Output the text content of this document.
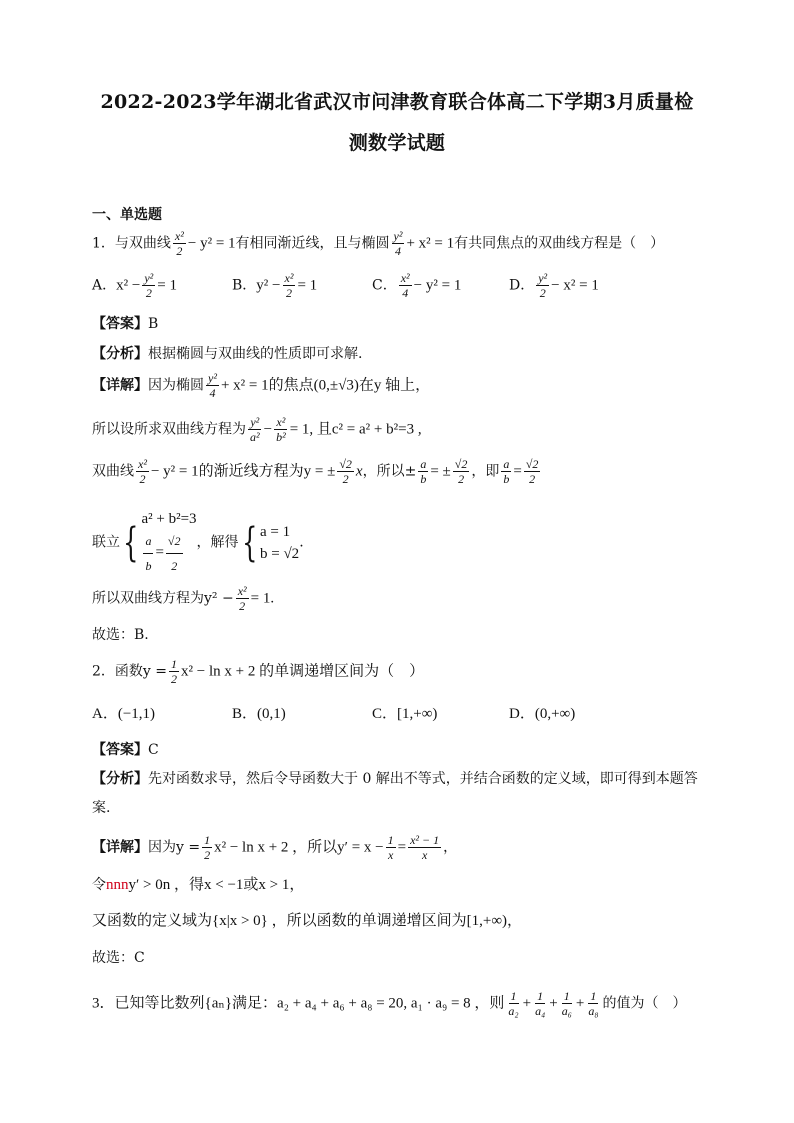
2022-2023学年湖北省武汉市问津教育联合体高二下学期3月质量检
测数学试题
一、单选题
1．与双曲线 $\frac{\text{x²}}{2} - y^2 = 1$有相同渐近线，且与椭圆 $\frac{\text{y²}}{4} + x^2 = 1$有共同焦点的双曲线方程是（　）
A．$x^2 - \frac{\text{y²}}{2} = 1$	B．$y^2 - \frac{\text{x²}}{2} = 1$	C． $\frac{\text{x²}}{4} - y^2 = 1$	D． $\frac{\text{y²}}{2} - x^2 = 1$
【答案】B
【分析】根据椭圆与双曲线的性质即可求解.
【详解】因为椭圆 $\frac{\text{y²}}{4} + x^2 = 1$的焦点(0,±√3)在y 轴上，
所以设所求双曲线方程为 $\frac{\text{y²}}{\text{a²}} - \frac{\text{x²}}{\text{b²}} = 1$, 且c² = a² + b²=3 ,
双曲线 $\frac{\text{x²}}{2} - y^2 = 1$的渐近线方程为y = ± $\frac{√2}{2}$ x，所以± $\frac{a}{b}$ = ± $\frac{√2}{2}$ ，即 $\frac{a}{b} = \frac{√2}{2}$
联立{
a² + b²=3
$\frac{a}{b} = \frac{√2}{2}$ ，解得{ a = 1
b = √2
.
所以双曲线方程为$y^2 - \frac{\text{x²}}{2} = 1$.
故选：B.
2．函数$y = \frac{1}{2} x^2 - \ln x + 2$ 的单调递增区间为（　）
A．(−1,1)	B．(0,1)	C．[1,+∞)	D．(0,+∞)
【答案】C
【分析】先对函数求导，然后令导函数大于 0 解出不等式，并结合函数的定义域，即可得到本题答
案.
【详解】因为$y = \frac{1}{2} x^2 - \ln x + 2$ ，所以$y' = x - \frac{1}{x} = \frac{\text{x² − 1}}{x}$ ，
令nnny′ > 0n ，得x < −1或x > 1，
又函数的定义域为{x|x > 0} ，所以函数的单调递增区间为[1,+∞)，
故选：C
3．已知等比数列{aₙ}满足：a₂ + a₄ + a₆ + a₈ = 20, a₁ · a₉ = 8 ，则 $\frac{1}{\text{a₂}} + \frac{1}{\text{a₄}} + \frac{1}{\text{a₆}} + \frac{1}{\text{a₈}}$ 的值为（　）
